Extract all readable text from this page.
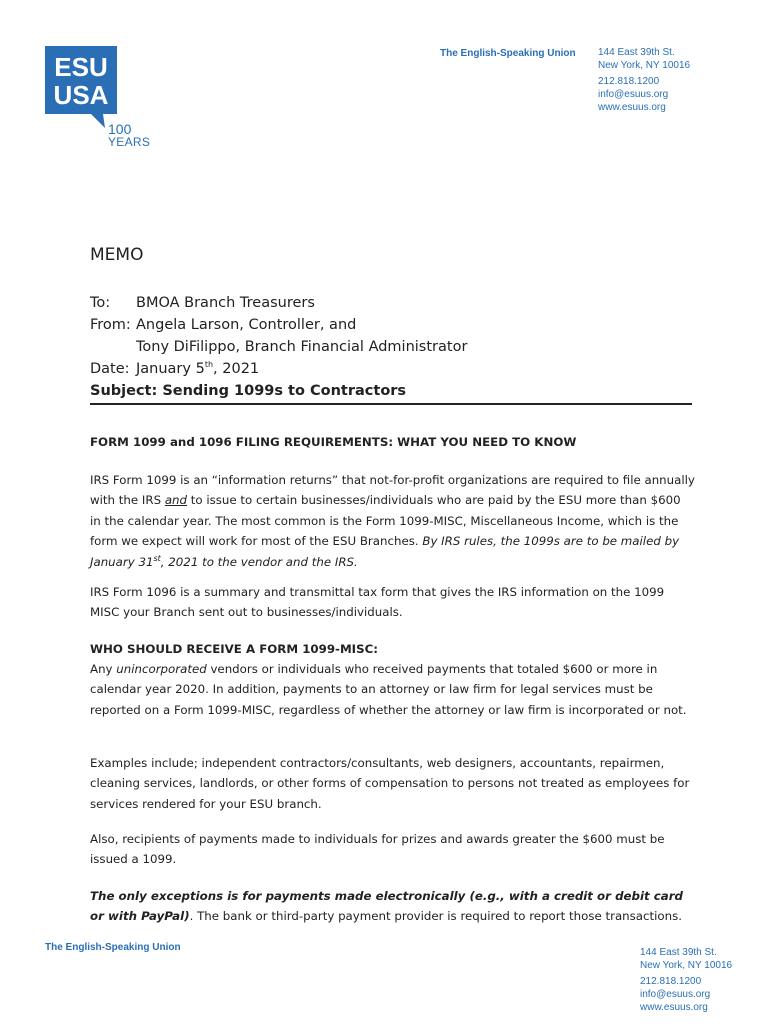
ESU
USA
100
YEARS
The English-Speaking Union 144 East 39th St.
New York, NY 10016
212.818.1200
info@esuus.org
www.esuus.org
MEMO
To: BMOA Branch Treasurers
From: Angela Larson, Controller, and
Tony DiFilippo, Branch Financial Administrator
Date: January 5th, 2021
Subject: Sending 1099s to Contractors

FORM 1099 and 1096 FILING REQUIREMENTS: WHAT YOU NEED TO KNOW

IRS Form 1099 is an “information returns” that not-for-profit organizations are required to file annually with the IRS and to issue to certain businesses/individuals who are paid by the ESU more than $600 in the calendar year. The most common is the Form 1099-MISC, Miscellaneous Income, which is the form we expect will work for most of the ESU Branches. By IRS rules, the 1099s are to be mailed by January 31st, 2021 to the vendor and the IRS.

IRS Form 1096 is a summary and transmittal tax form that gives the IRS information on the 1099 MISC your Branch sent out to businesses/individuals.

WHO SHOULD RECEIVE A FORM 1099-MISC:

Any unincorporated vendors or individuals who received payments that totaled $600 or more in calendar year 2020. In addition, payments to an attorney or law firm for legal services must be reported on a Form 1099-MISC, regardless of whether the attorney or law firm is incorporated or not.

Examples include; independent contractors/consultants, web designers, accountants, repairmen, cleaning services, landlords, or other forms of compensation to persons not treated as employees for services rendered for your ESU branch.

Also, recipients of payments made to individuals for prizes and awards greater the $600 must be issued a 1099.

The only exceptions is for payments made electronically (e.g., with a credit or debit card or with PayPal). The bank or third-party payment provider is required to report those transactions.

The English-Speaking Union	144 East 39th St.
New York, NY 10016
212.818.1200
info@esuus.org
www.esuus.org
